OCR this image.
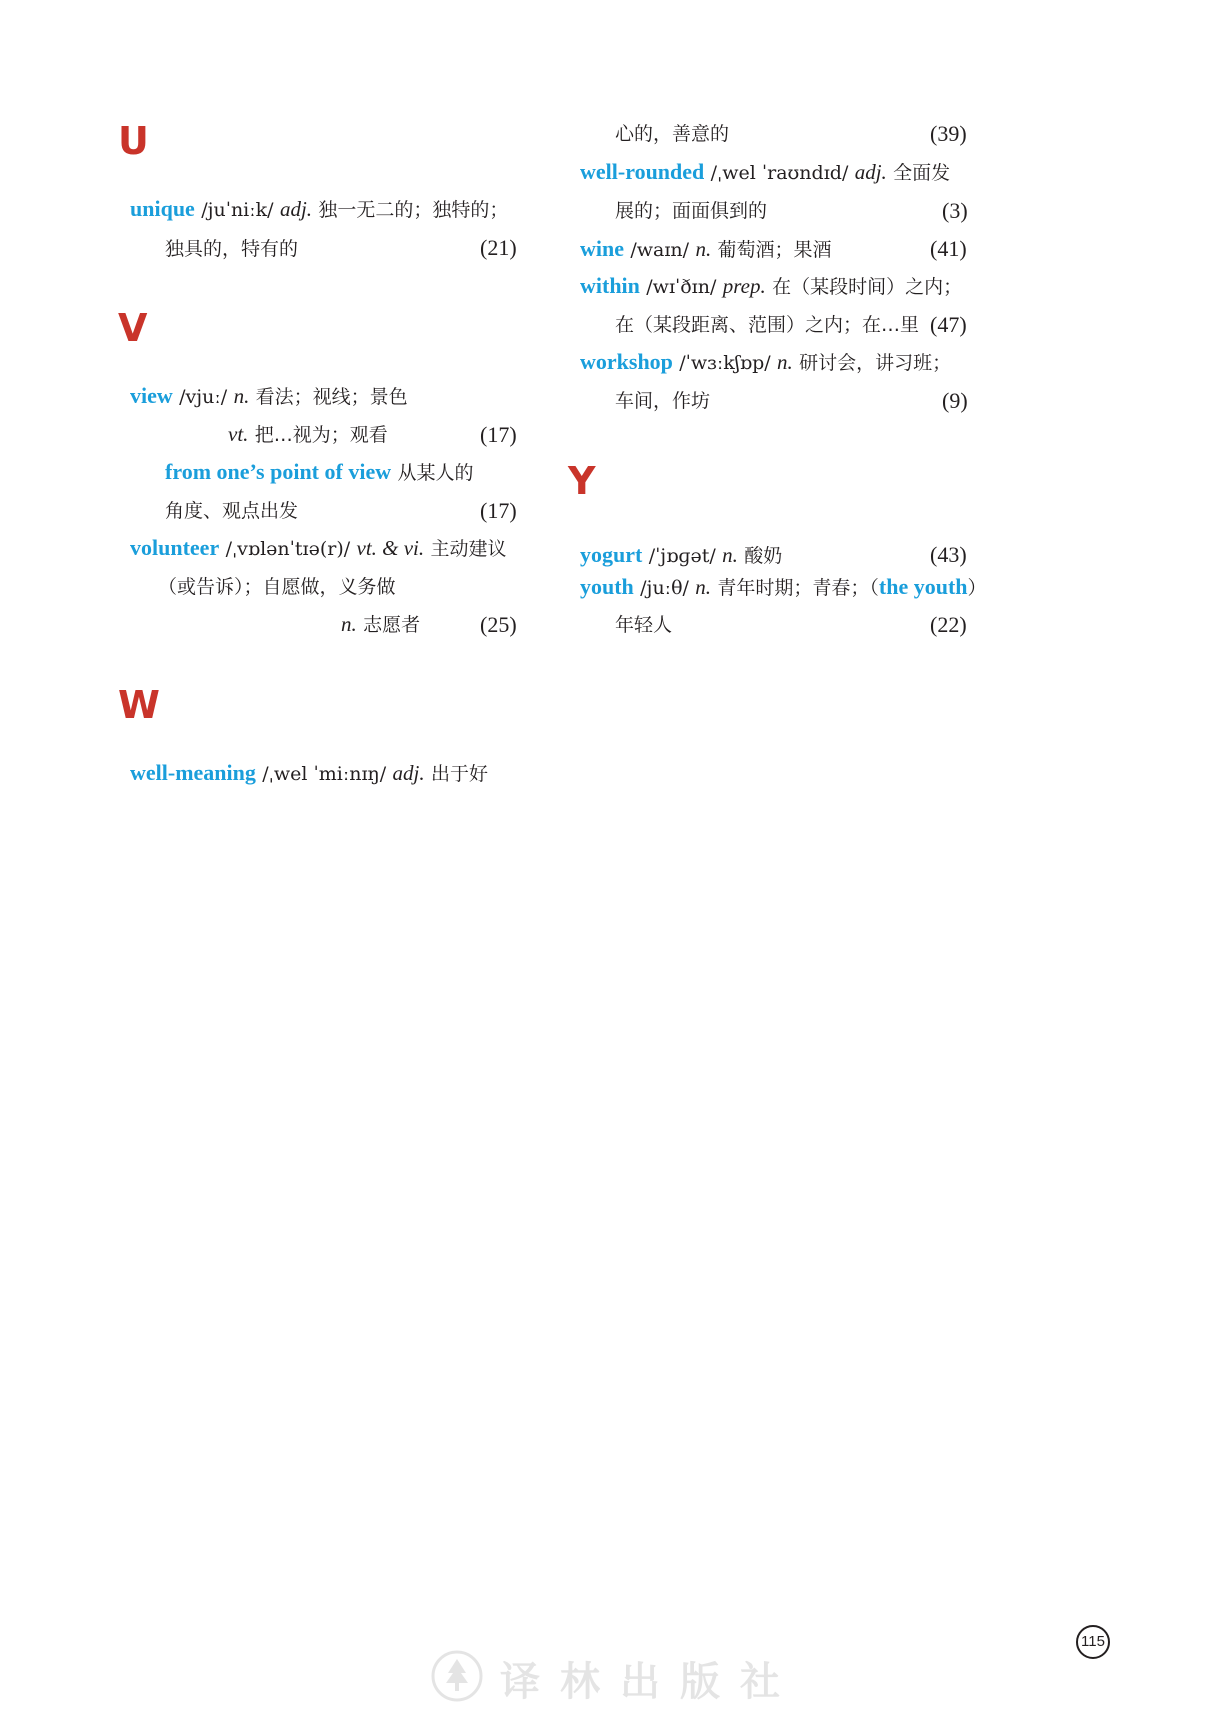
U
V
W
Y
unique /juˈniːk/ adj. 独一无二的；独特的；
独具的，特有的	(21)
view /vjuː/ n. 看法；视线；景色
vt. 把…视为；观看	(17)
from one’s point of view 从某人的
角度、观点出发	(17)
volunteer /ˌvɒlənˈtɪə(r)/ vt. & vi. 主动建议
（或告诉）；自愿做，义务做
n. 志愿者	(25)
well-meaning /ˌwel ˈmiːnɪŋ/ adj. 出于好
心的，善意的	(39)
well-rounded /ˌwel ˈraʊndɪd/ adj. 全面发
展的；面面俱到的	(3)
wine /waɪn/ n. 葡萄酒；果酒	(41)
within /wɪˈðɪn/ prep. 在（某段时间）之内；
在（某段距离、范围）之内；在…里 (47)
workshop /ˈwɜːkʃɒp/ n. 研讨会，讲习班；
车间，作坊	(9)
yogurt /ˈjɒɡət/ n. 酸奶	(43)
youth /juːθ/ n. 青年时期；青春；（the youth）
年轻人	(22)
115
译林出版社
